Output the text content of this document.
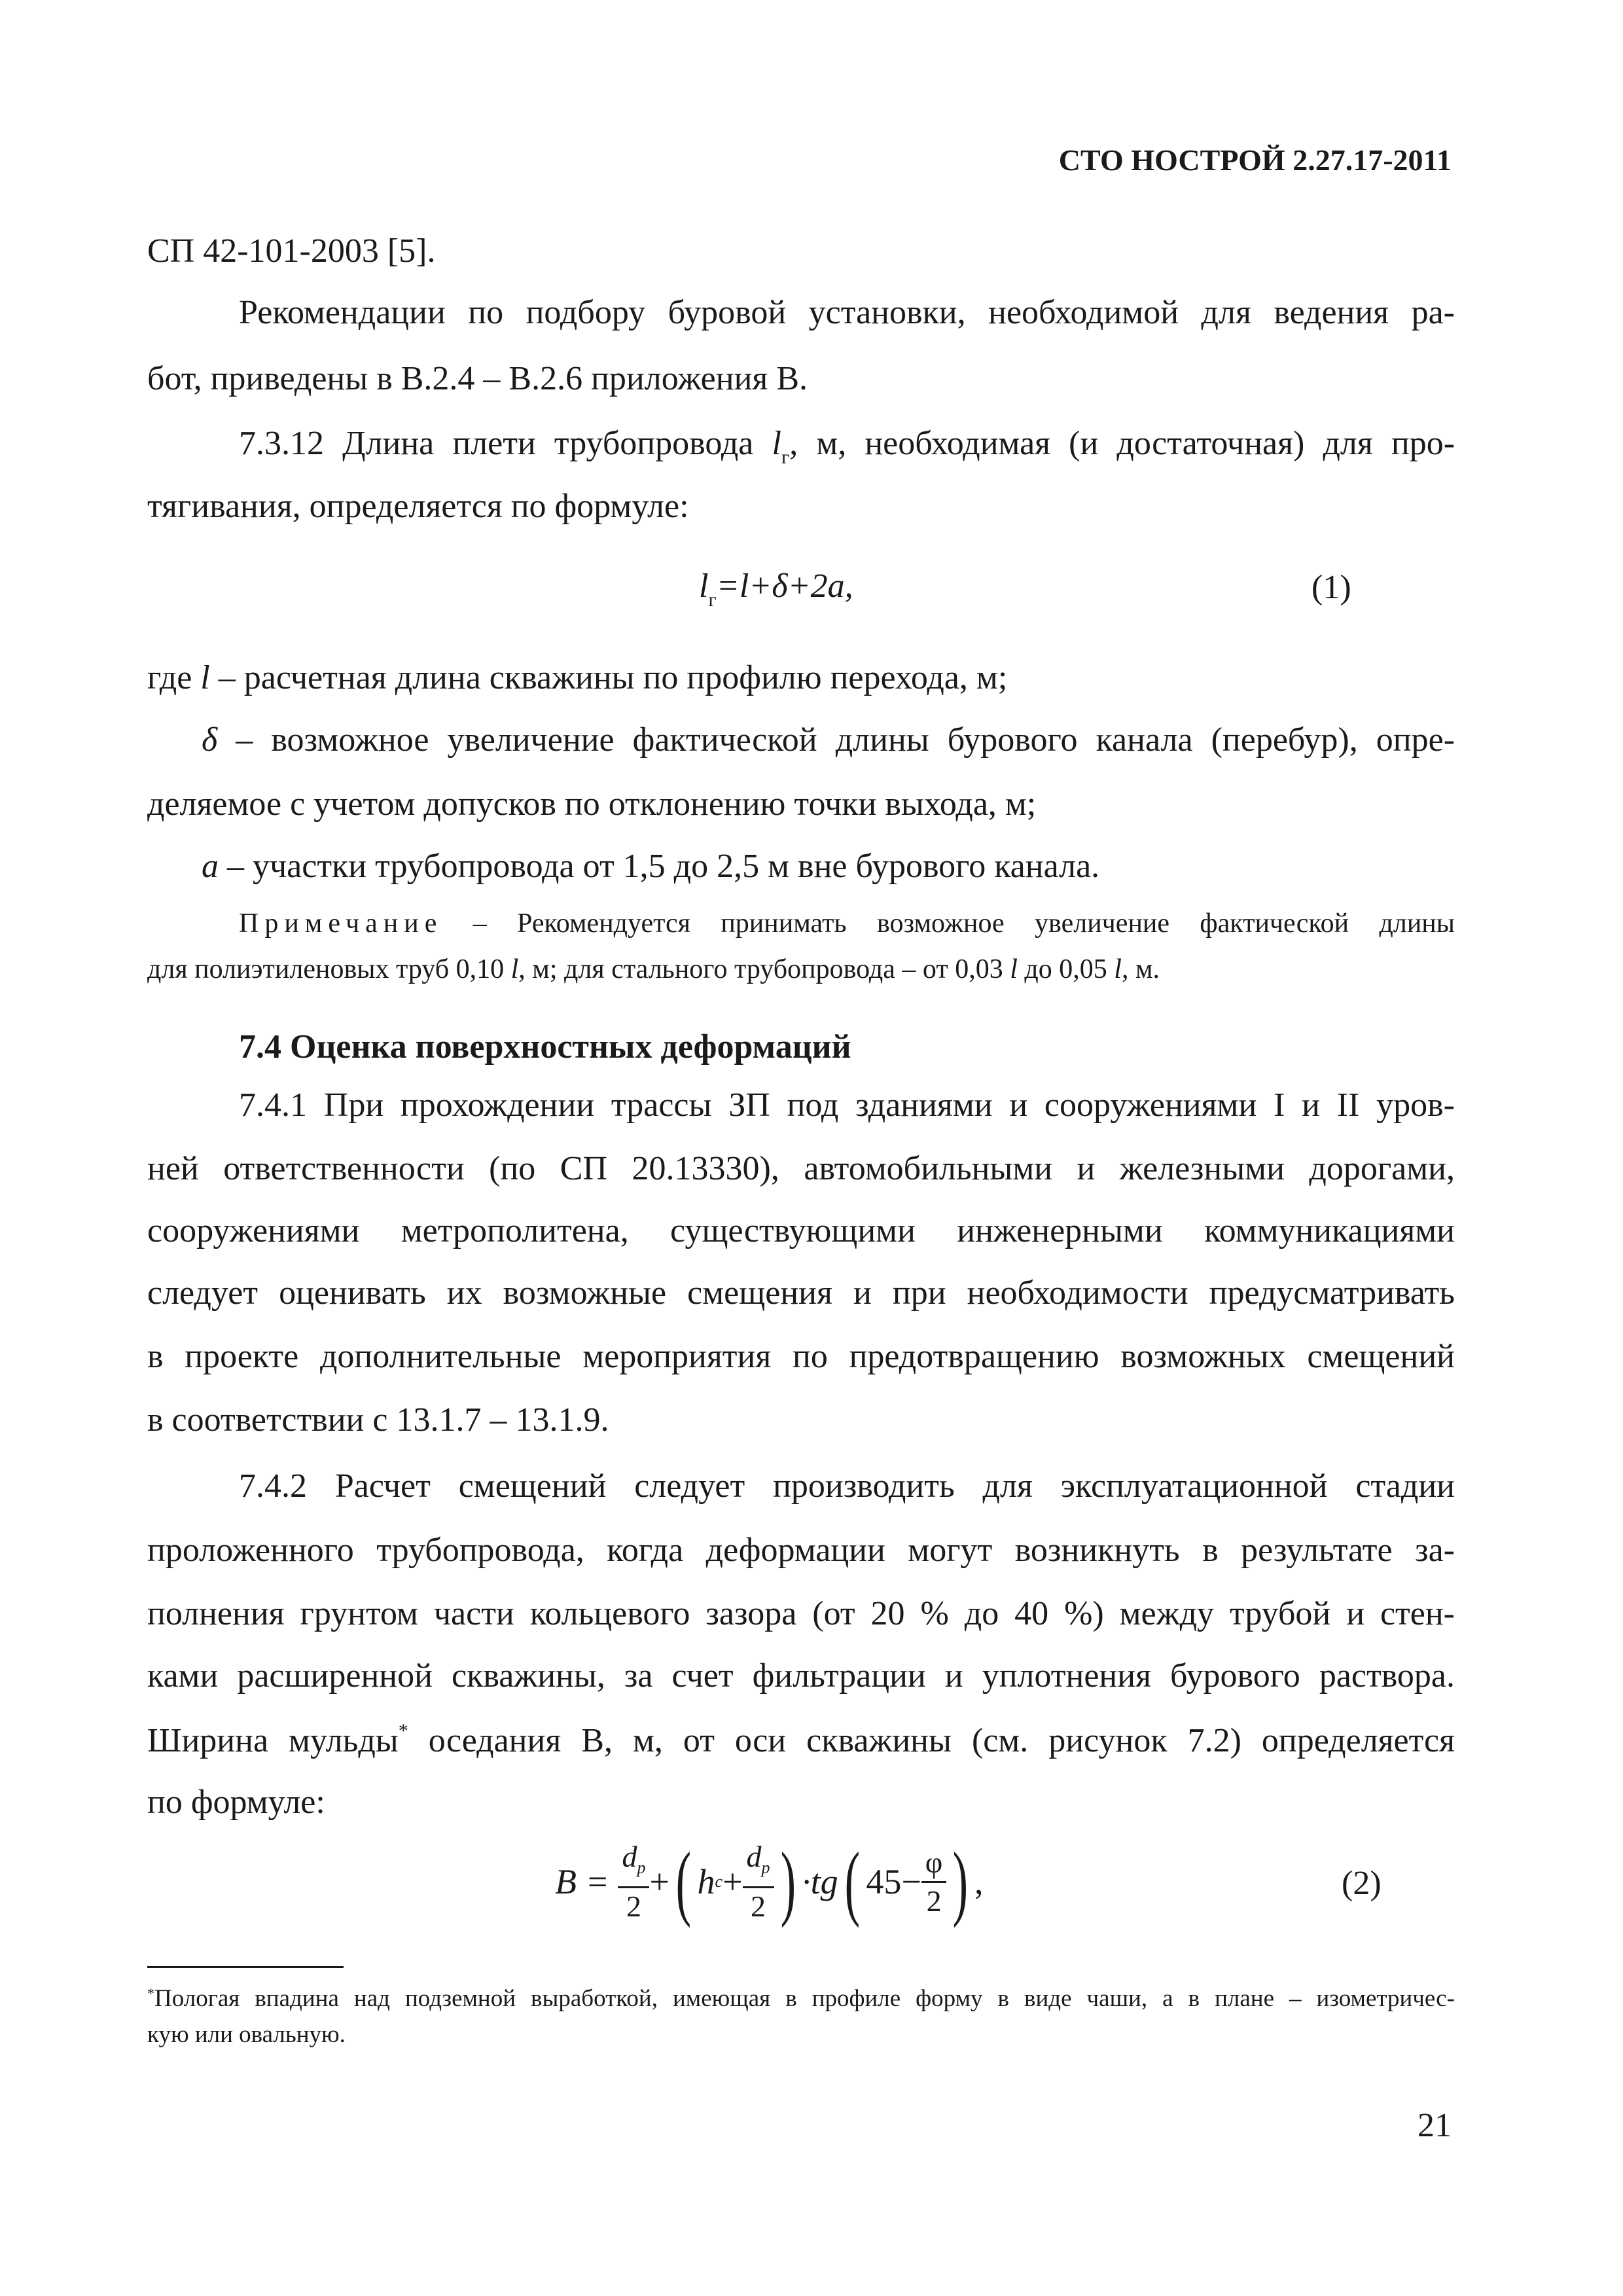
СТО НОСТРОЙ 2.27.17-2011
СП 42-101-2003 [5].
Рекомендации по подбору буровой установки, необходимой для ведения ра-
бот, приведены в В.2.4 – В.2.6 приложения В.
7.3.12 Длина плети трубопровода $l_г$, м, необходимая (и достаточная) для про-
тягивания, определяется по формуле:
$l_г=l+\delta+2a$,	(1)
где l – расчетная длина скважины по профилю перехода, м;
δ – возможное увеличение фактической длины бурового канала (перебур), опре-
деляемое с учетом допусков по отклонению точки выхода, м;
а – участки трубопровода от 1,5 до 2,5 м вне бурового канала.
Примечание – Рекомендуется принимать возможное увеличение фактической длины
для полиэтиленовых труб 0,10 l, м; для стального трубопровода – от 0,03 l до 0,05 l, м.
7.4 Оценка поверхностных деформаций
7.4.1 При прохождении трассы ЗП под зданиями и сооружениями I и II уров-
ней ответственности (по СП 20.13330), автомобильными и железными дорогами,
сооружениями метрополитена, существующими инженерными коммуникациями
следует оценивать их возможные смещения и при необходимости предусматривать
в проекте дополнительные мероприятия по предотвращению возможных смещений
в соответствии с 13.1.7 – 13.1.9.
7.4.2 Расчет смещений следует производить для эксплуатационной стадии
проложенного трубопровода, когда деформации могут возникнуть в результате за-
полнения грунтом части кольцевого зазора (от 20 % до 40 %) между трубой и стен-
ками расширенной скважины, за счет фильтрации и уплотнения бурового раствора.
Ширина мульды* оседания В, м, от оси скважины (см. рисунок 7.2) определяется
по формуле:
B =
$\frac{d_p}{2}$ + ( h $c + \frac{d_p}{2}$ ) ·tg ( $45- \frac{\varphi}{2}$ ) ,	(2)
*Пологая впадина над подземной выработкой, имеющая в профиле форму в виде чаши, а в плане – изометричес-
кую или овальную.
21
